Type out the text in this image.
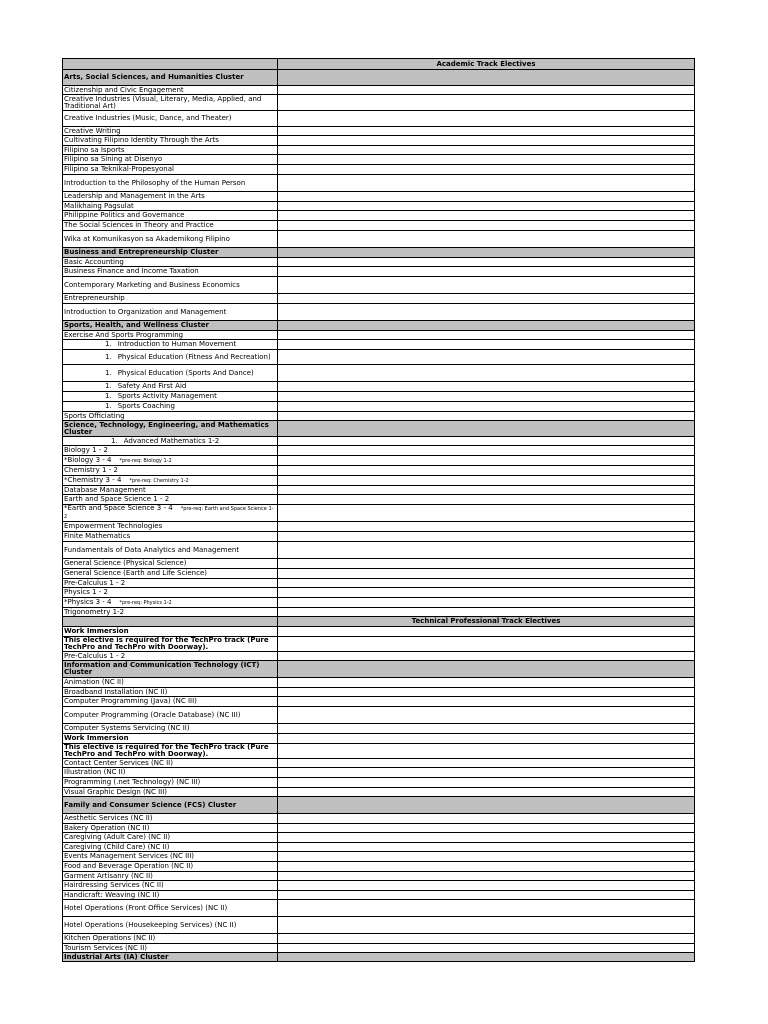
	Academic Track Electives
Arts, Social Sciences, and Humanities Cluster	
Citizenship and Civic Engagement	
Creative Industries (Visual, Literary, Media, Applied, and Traditional Art)	
Creative Industries (Music, Dance, and Theater)	
Creative Writing	
Cultivating Filipino Identity Through the Arts	
Filipino sa Isports	
Filipino sa Sining at Disenyo	
Filipino sa Teknikal-Propesyonal	
Introduction to the Philosophy of the Human Person	
Leadership and Management in the Arts	
Malikhaing Pagsulat	
Philippine Politics and Governance	
The Social Sciences in Theory and Practice	
Wika at Komunikasyon sa Akademikong Filipino	
Business and Entrepreneurship Cluster	
Basic Accounting	
Business Finance and Income Taxation	
Contemporary Marketing and Business Economics	
Entrepreneurship	
Introduction to Organization and Management	
Sports, Health, and Wellness Cluster	
Exercise And Sports Programming	
1. Introduction to Human Movement	
1. Physical Education (Fitness And Recreation)	
1. Physical Education (Sports And Dance)	
1. Safety And First Aid	
1. Sports Activity Management	
1. Sports Coaching	
Sports Officiating	
Science, Technology, Engineering, and Mathematics Cluster	
1. Advanced Mathematics 1-2	
Biology 1 - 2	
*Biology 3 - 4 *pre-req: Biology 1-2	
Chemistry 1 - 2	
*Chemistry 3 - 4 *pre-req: Chemistry 1-2	
Database Management	
Earth and Space Science 1 - 2	
*Earth and Space Science 3 - 4 *pre-req: Earth and Space Science 1-2	
Empowerment Technologies	
Finite Mathematics	
Fundamentals of Data Analytics and Management	
General Science (Physical Science)	
General Science (Earth and Life Science)	
Pre-Calculus 1 - 2	
Physics 1 - 2	
*Physics 3 - 4 *pre-req: Physics 1-2	
Trigonometry 1-2	
	Technical Professional Track Electives
Work Immersion	
This elective is required for the TechPro track (Pure TechPro and TechPro with Doorway).	
Pre-Calculus 1 - 2	
Information and Communication Technology (ICT) Cluster	
Animation (NC II)	
Broadband Installation (NC II)	
Computer Programming (Java) (NC III)	
Computer Programming (Oracle Database) (NC III)	
Computer Systems Servicing (NC II)	
Work Immersion	
This elective is required for the TechPro track (Pure TechPro and TechPro with Doorway).	
Contact Center Services (NC II)	
Illustration (NC II)	
Programming (.net Technology) (NC III)	
Visual Graphic Design (NC III)	
Family and Consumer Science (FCS) Cluster	
Aesthetic Services (NC II)	
Bakery Operation (NC II)	
Caregiving (Adult Care) (NC II)	
Caregiving (Child Care) (NC II)	
Events Management Services (NC III)	
Food and Beverage Operation (NC II)	
Garment Artisanry (NC II)	
Hairdressing Services (NC II)	
Handicraft: Weaving (NC II)	
Hotel Operations (Front Office Services) (NC II)	
Hotel Operations (Housekeeping Services) (NC II)	
Kitchen Operations (NC II)	
Tourism Services (NC II)	
Industrial Arts (IA) Cluster	
